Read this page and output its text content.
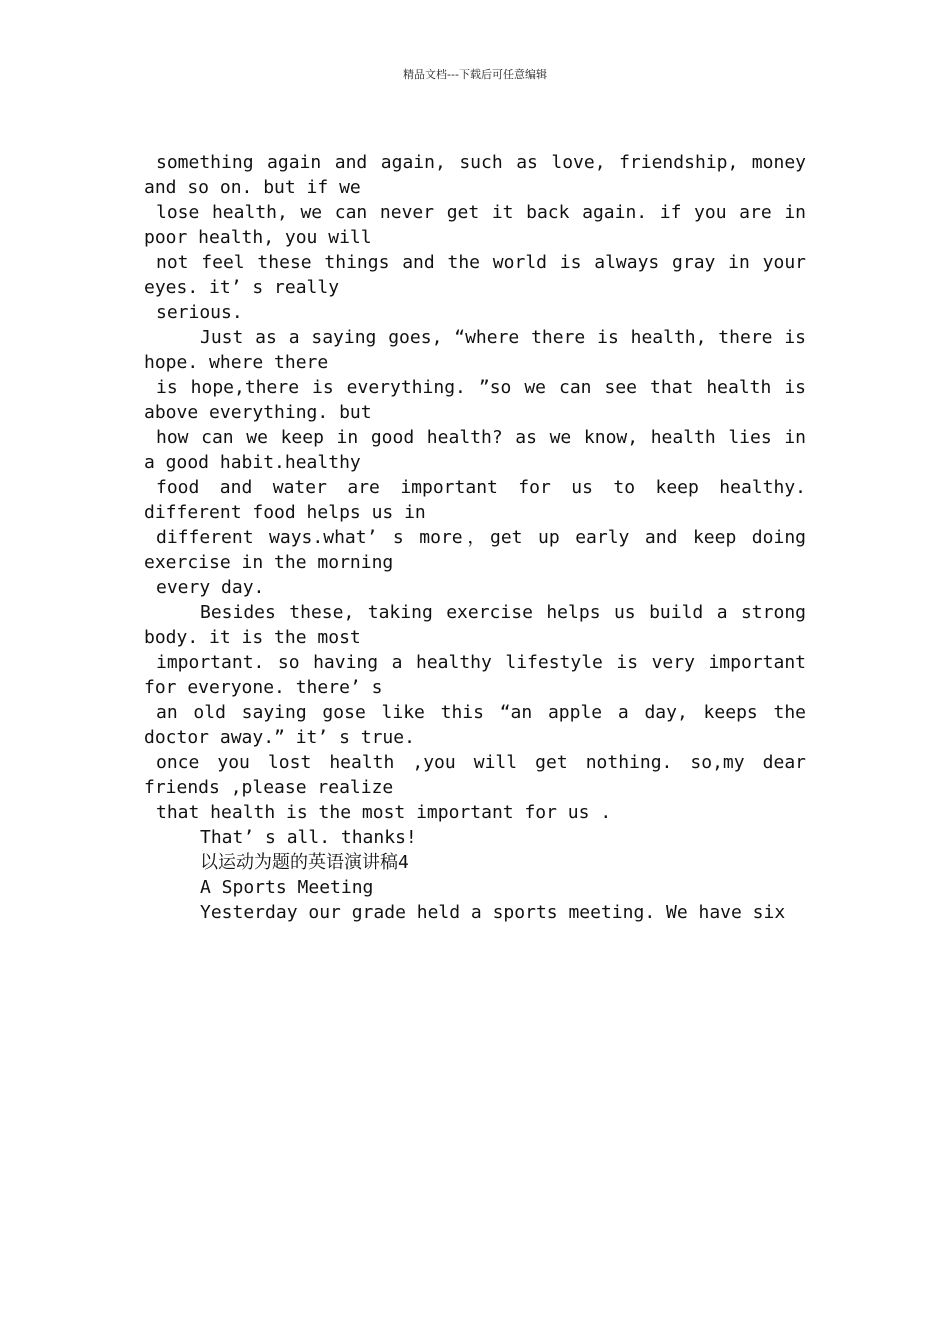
精品文档---下载后可任意编辑

something again and again, such as love, friendship, money and so on. but if we

lose health, we can never get it back again. if you are in poor health, you will

not feel these things and the world is always gray in your eyes. it’ s really

serious.

Just as a saying goes, “where there is health, there is hope. where there

is hope,there is everything. ”so we can see that health is above everything. but

how can we keep in good health? as we know, health lies in a good habit.healthy

food and water are important for us to keep healthy. different food helps us in

different ways.what’ s more，get up early and keep doing exercise in the morning

every day.

Besides these, taking exercise helps us build a strong body. it is the most

important. so having a healthy lifestyle is very important for everyone. there’ s

an old saying gose like this “an apple a day, keeps the doctor away.” it’ s true.

once you lost health ,you will get nothing. so,my dear friends ,please realize

that health is the most important for us .

That’ s all. thanks!

以运动为题的英语演讲稿4

A Sports Meeting

Yesterday our grade held a sports meeting. We have six
